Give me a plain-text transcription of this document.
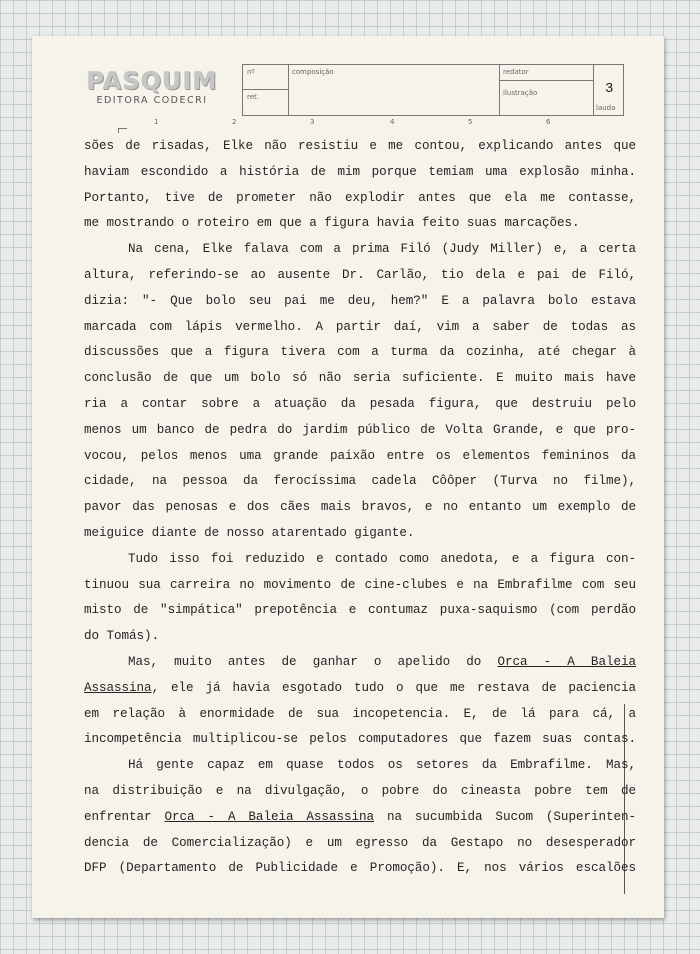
PASQUIM
EDITORA CODECRI
nº
ret.
composição	redator
ilustração	3
lauda
1	2	3	4	5	6
sões de risadas, Elke não resistiu e me contou, explicando antes que
haviam escondido a história de mim porque temiam uma explosão minha.
Portanto, tive de prometer não explodir antes que ela me contasse,
me mostrando o roteiro em que a figura havia feito suas marcações.
Na cena, Elke falava com a prima Filó (Judy Miller) e, a certa
altura, referindo-se ao ausente Dr. Carlão, tio dela e pai de Filó,
dizia: "- Que bolo seu pai me deu, hem?" E a palavra bolo estava
marcada com lápis vermelho. A partir daí, vim a saber de todas as
discussões que a figura tivera com a turma da cozinha, até chegar à
conclusão de que um bolo só não seria suficiente. E muito mais have
ria a contar sobre a atuação da pesada figura, que destruiu pelo
menos um banco de pedra do jardim público de Volta Grande, e que pro-
vocou, pelos menos uma grande paixão entre os elementos femininos da
cidade, na pessoa da ferocíssima cadela Côôper (Turva no filme),
pavor das penosas e dos cães mais bravos, e no entanto um exemplo de
meiguice diante de nosso atarentado gigante.
Tudo isso foi reduzido e contado como anedota, e a figura con-
tinuou sua carreira no movimento de cine-clubes e na Embrafilme com seu
misto de "simpática" prepotência e contumaz puxa-saquismo (com perdão
do Tomás).
Mas, muito antes de ganhar o apelido do Orca - A Baleia
Assassina, ele já havia esgotado tudo o que me restava de paciencia
em relação à enormidade de sua incopetencia. E, de lá para cá, a
incompetência multiplicou-se pelos computadores que fazem suas contas.
Há gente capaz em quase todos os setores da Embrafilme. Mas,
na distribuição e na divulgação, o pobre do cineasta pobre tem de
enfrentar Orca - A Baleia Assassina na sucumbida Sucom (Superinten-
dencia de Comercialização) e um egresso da Gestapo no desesperador
DFP (Departamento de Publicidade e Promoção). E, nos vários escalões
